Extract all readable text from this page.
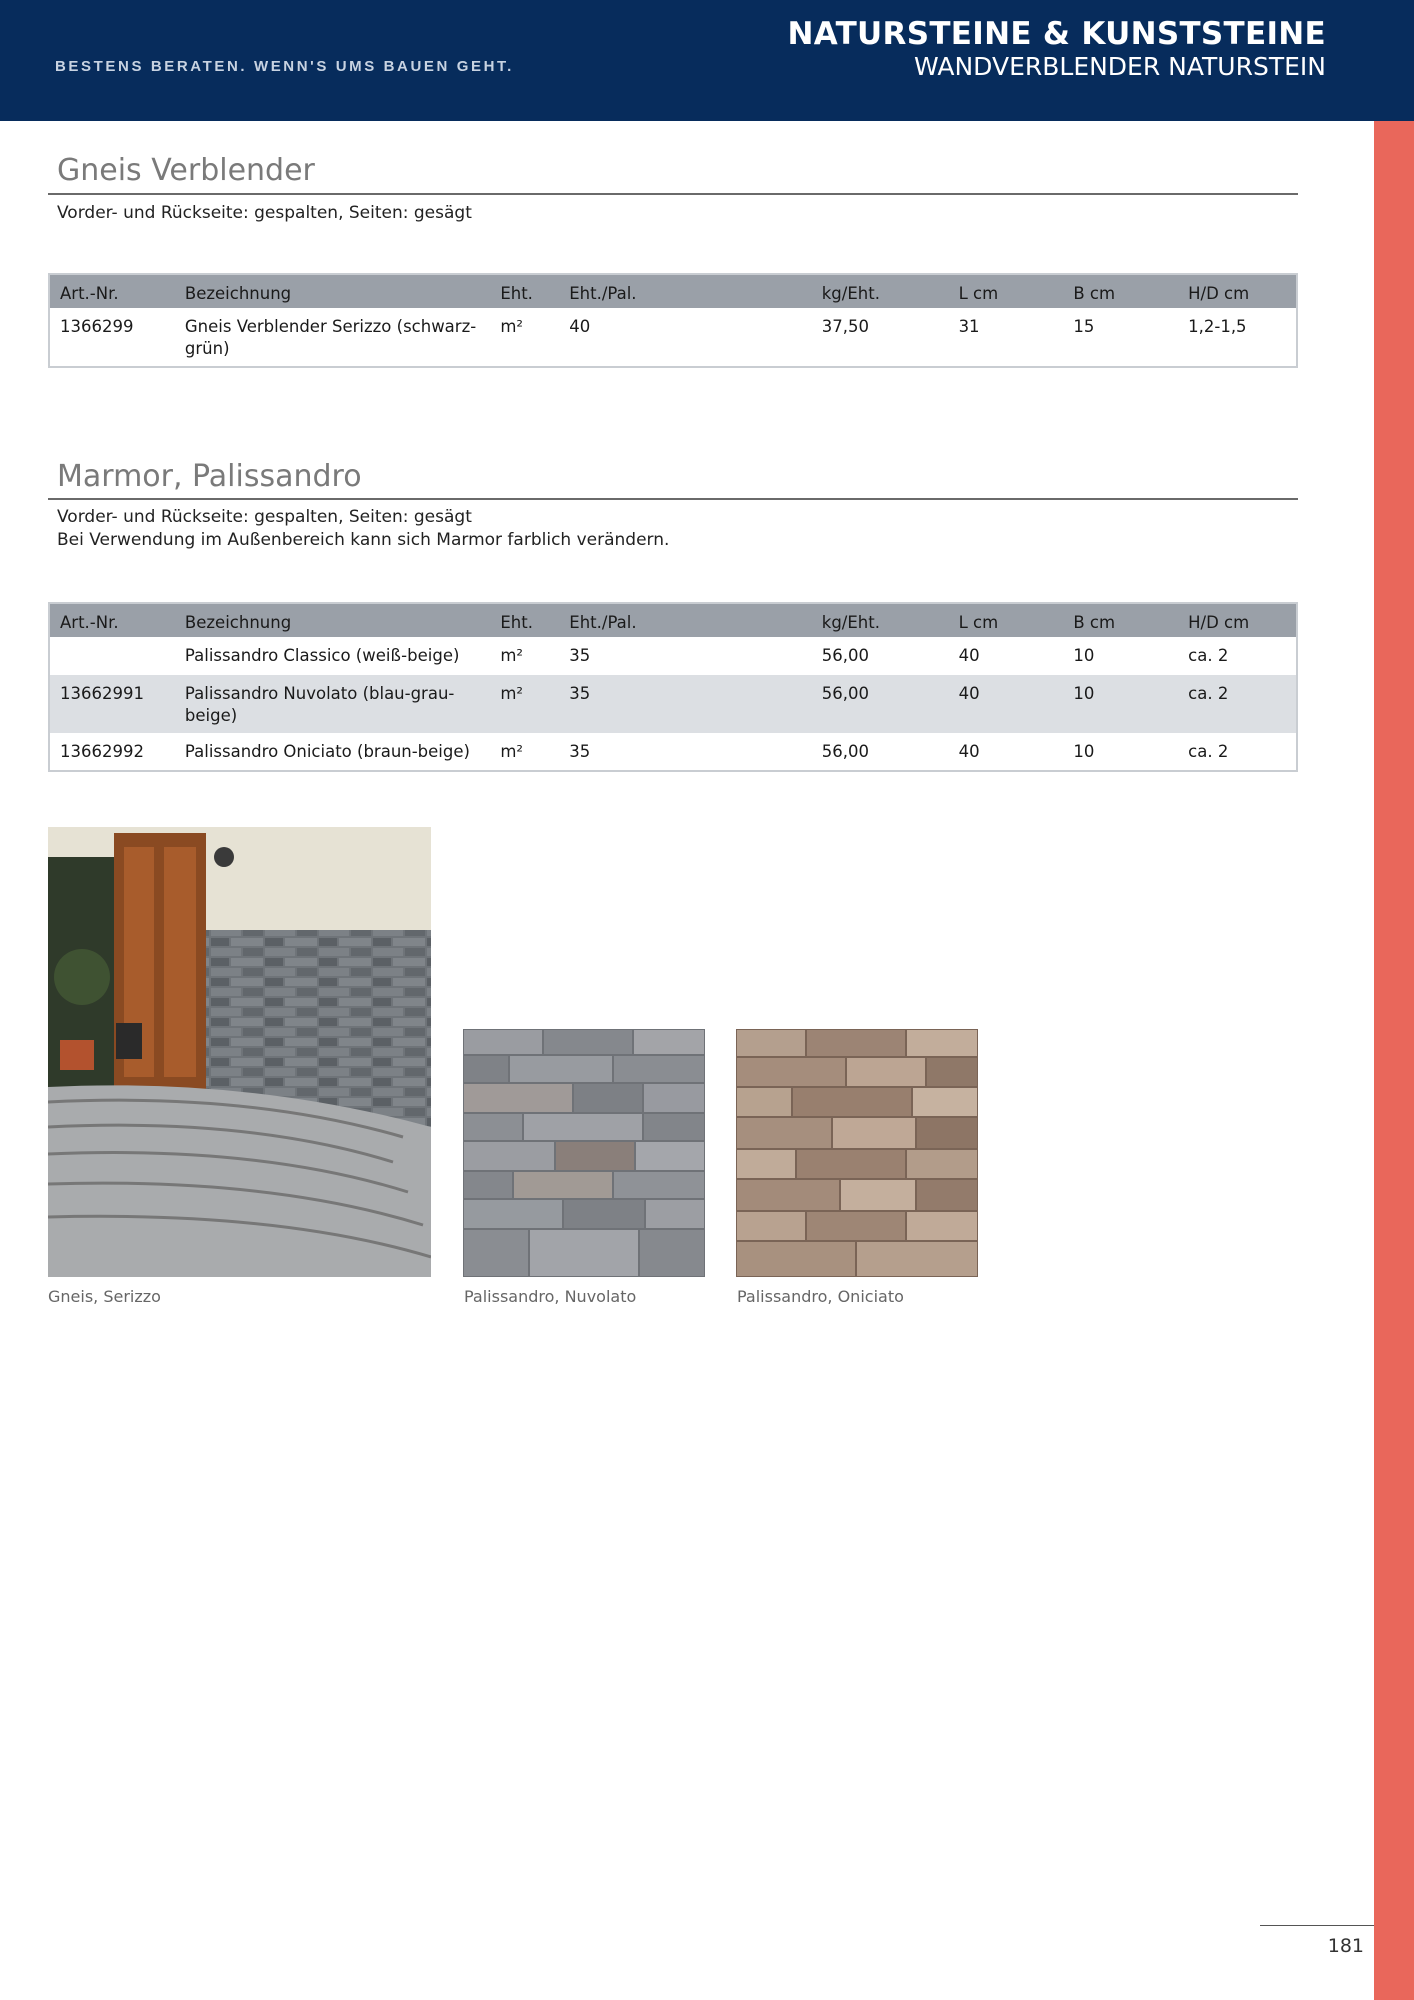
BESTENS BERATEN. WENN'S UMS BAUEN GEHT.
NATURSTEINE & KUNSTSTEINE
WANDVERBLENDER NATURSTEIN
Gneis Verblender
Vorder- und Rückseite: gespalten, Seiten: gesägt
Art.-Nr.	Bezeichnung	Eht.	Eht./Pal.	kg/Eht.	L cm	B cm	H/D cm
1366299	Gneis Verblender Serizzo (schwarz-grün)	m²	40	37,50	31	15	1,2-1,5
Marmor, Palissandro
Vorder- und Rückseite: gespalten, Seiten: gesägt
Bei Verwendung im Außenbereich kann sich Marmor farblich verändern.
Art.-Nr.	Bezeichnung	Eht.	Eht./Pal.	kg/Eht.	L cm	B cm	H/D cm
	Palissandro Classico (weiß-beige)	m²	35	56,00	40	10	ca. 2
13662991	Palissandro Nuvolato (blau-grau-beige)	m²	35	56,00	40	10	ca. 2
13662992	Palissandro Oniciato (braun-beige)	m²	35	56,00	40	10	ca. 2
Gneis, Serizzo	Palissandro, Nuvolato	Palissandro, Oniciato
181
